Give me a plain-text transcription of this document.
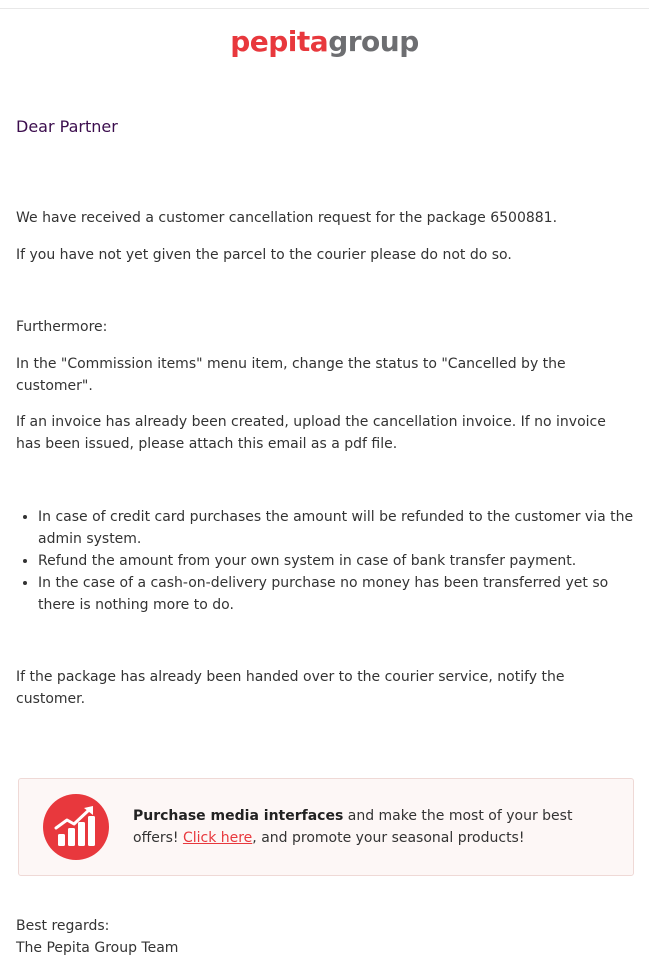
pepitagroup
Dear Partner

We have received a customer cancellation request for the package 6500881.

If you have not yet given the parcel to the courier please do not do so.

Furthermore:

In the "Commission items" menu item, change the status to "Cancelled by the customer".

If an invoice has already been created, upload the cancellation invoice. If no invoice has been issued, please attach this email as a pdf file.

• In case of credit card purchases the amount will be refunded to the customer via the admin system.
• Refund the amount from your own system in case of bank transfer payment.
• In the case of a cash-on-delivery purchase no money has been transferred yet so there is nothing more to do.

If the package has already been handed over to the courier service, notify the customer.

Purchase media interfaces and make the most of your best offers! Click here, and promote your seasonal products!
Best regards:
The Pepita Group Team
